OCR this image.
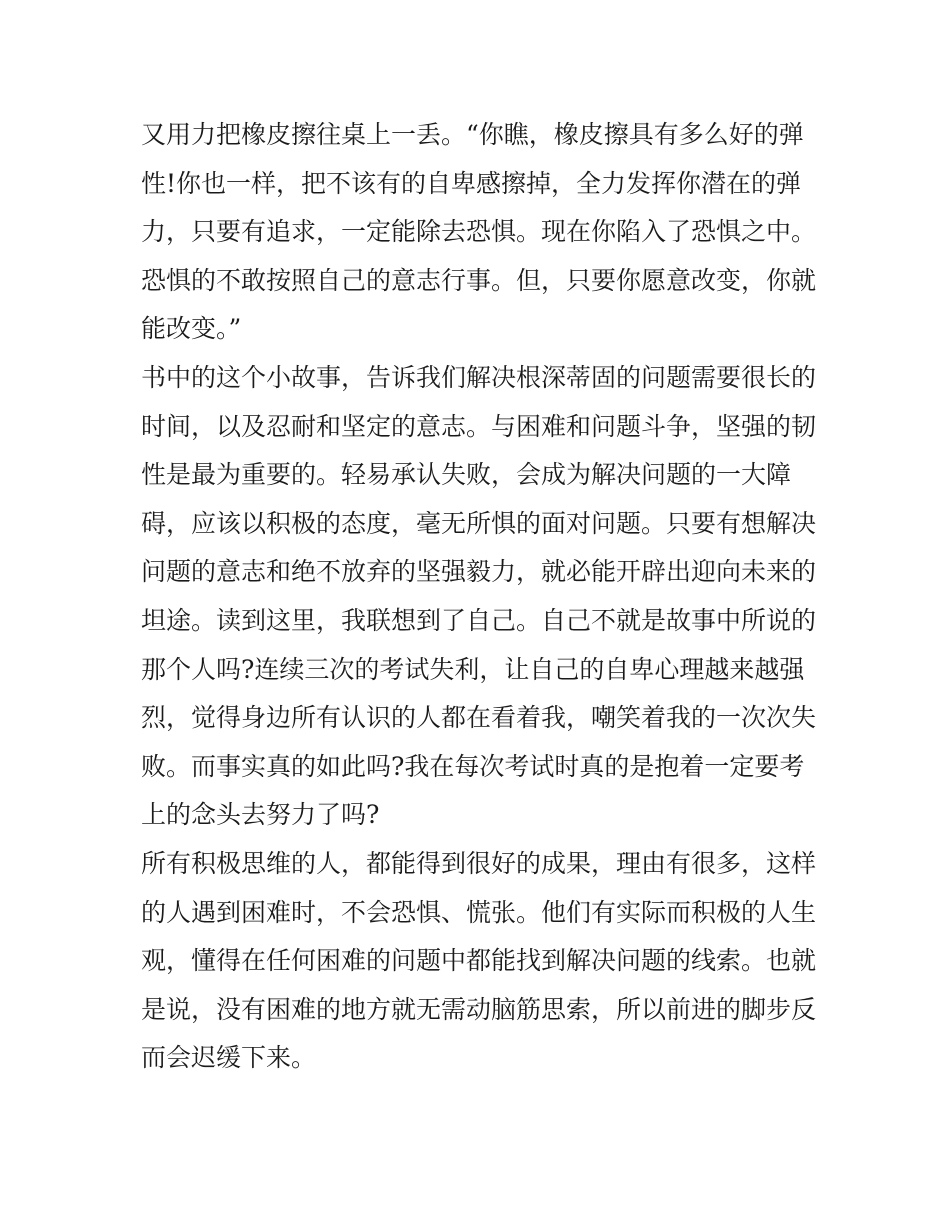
又用力把橡皮擦往桌上一丢。“你瞧，橡皮擦具有多么好的弹
性!你也一样，把不该有的自卑感擦掉，全力发挥你潜在的弹
力，只要有追求，一定能除去恐惧。现在你陷入了恐惧之中。
恐惧的不敢按照自己的意志行事。但，只要你愿意改变，你就
能改变。”
书中的这个小故事，告诉我们解决根深蒂固的问题需要很长的
时间，以及忍耐和坚定的意志。与困难和问题斗争，坚强的韧
性是最为重要的。轻易承认失败，会成为解决问题的一大障
碍，应该以积极的态度，毫无所惧的面对问题。只要有想解决
问题的意志和绝不放弃的坚强毅力，就必能开辟出迎向未来的
坦途。读到这里，我联想到了自己。自己不就是故事中所说的
那个人吗?连续三次的考试失利，让自己的自卑心理越来越强
烈，觉得身边所有认识的人都在看着我，嘲笑着我的一次次失
败。而事实真的如此吗?我在每次考试时真的是抱着一定要考
上的念头去努力了吗?
所有积极思维的人，都能得到很好的成果，理由有很多，这样
的人遇到困难时，不会恐惧、慌张。他们有实际而积极的人生
观，懂得在任何困难的问题中都能找到解决问题的线索。也就
是说，没有困难的地方就无需动脑筋思索，所以前进的脚步反
而会迟缓下来。
